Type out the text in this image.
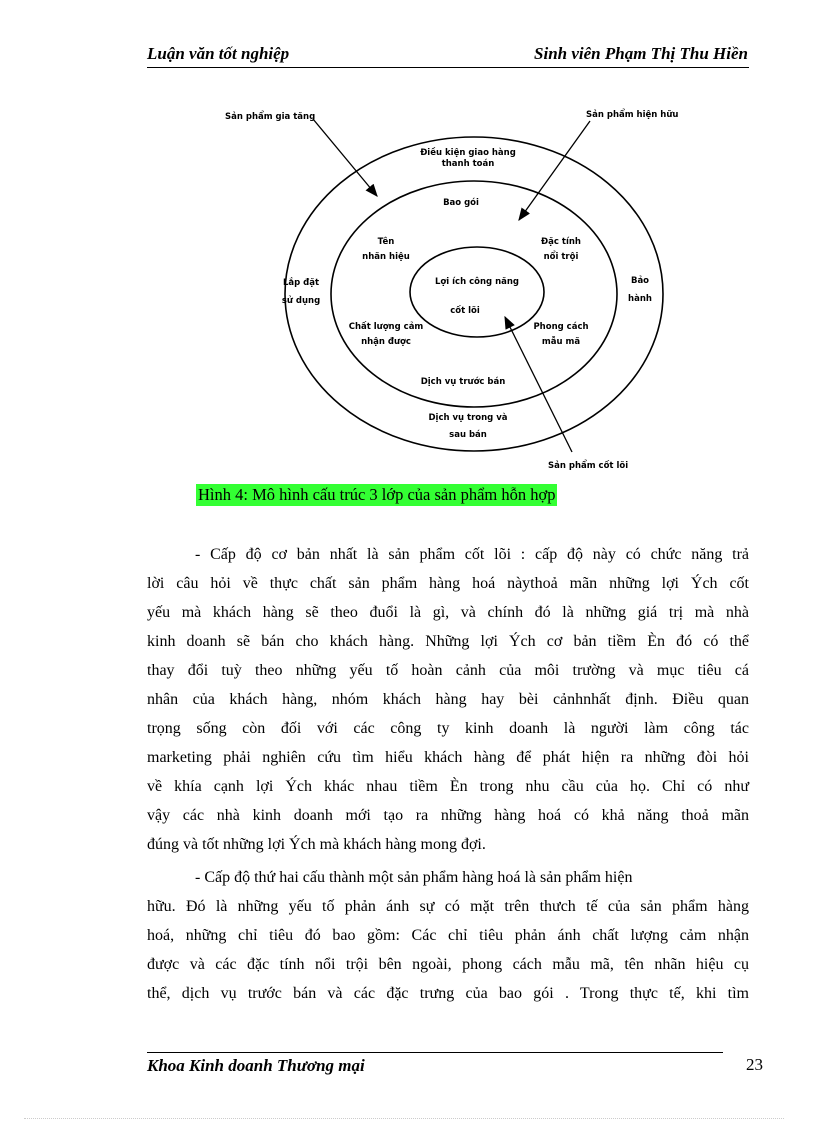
Luận văn tốt nghiệp	Sinh viên Phạm Thị Thu Hiền
Sản phẩm gia tăng	Sản phẩm hiện hữu
Sản phẩm cốt lõi
Điều kiện giao hàng
thanh toán
Lắp đặt
sử dụng
Bảo
hành
Dịch vụ trong và
sau bán
Bao gói
Tên
nhãn hiệu
Đặc tính
nổi trội
Chất lượng cảm
nhận được
Phong cách
mẫu mã
Dịch vụ trước bán
Lợi ích công năng
cốt lõi
Hình 4: Mô hình cấu trúc 3 lớp của sản phẩm hỗn hợp

- Cấp độ cơ bản nhất là sản phẩm cốt lõi : cấp độ này có chức năng trả
lời câu hỏi về thực chất sản phẩm hàng hoá nàythoả mãn những lợi Ých cốt
yếu mà khách hàng sẽ theo đuổi là gì, và chính đó là những giá trị mà nhà
kinh doanh sẽ bán cho khách hàng. Những lợi Ých cơ bản tiềm Èn đó có thể
thay đổi tuỳ theo những yếu tố hoàn cảnh của môi trường và mục tiêu cá
nhân của khách hàng, nhóm khách hàng hay bèi cảnhnhất định. Điều quan
trọng sống còn đối với các công ty kinh doanh là người làm công tác
marketing phải nghiên cứu tìm hiểu khách hàng để phát hiện ra những đòi hỏi
về khía cạnh lợi Ých khác nhau tiềm Èn trong nhu cầu của họ. Chỉ có như
vậy các nhà kinh doanh mới tạo ra những hàng hoá có khả năng thoả mãn
đúng và tốt những lợi Ých mà khách hàng mong đợi.

- Cấp độ thứ hai cấu thành một sản phẩm hàng hoá là sản phẩm hiện
hữu. Đó là những yếu tố phản ánh sự có mặt trên thưch tế của sản phẩm hàng
hoá, những chỉ tiêu đó bao gồm: Các chỉ tiêu phản ánh chất lượng cảm nhận
được và các đặc tính nổi trội bên ngoài, phong cách mẫu mã, tên nhãn hiệu cụ
thể, dịch vụ trước bán và các đặc trưng của bao gói . Trong thực tế, khi tìm

Khoa Kinh doanh Thương mại	23
